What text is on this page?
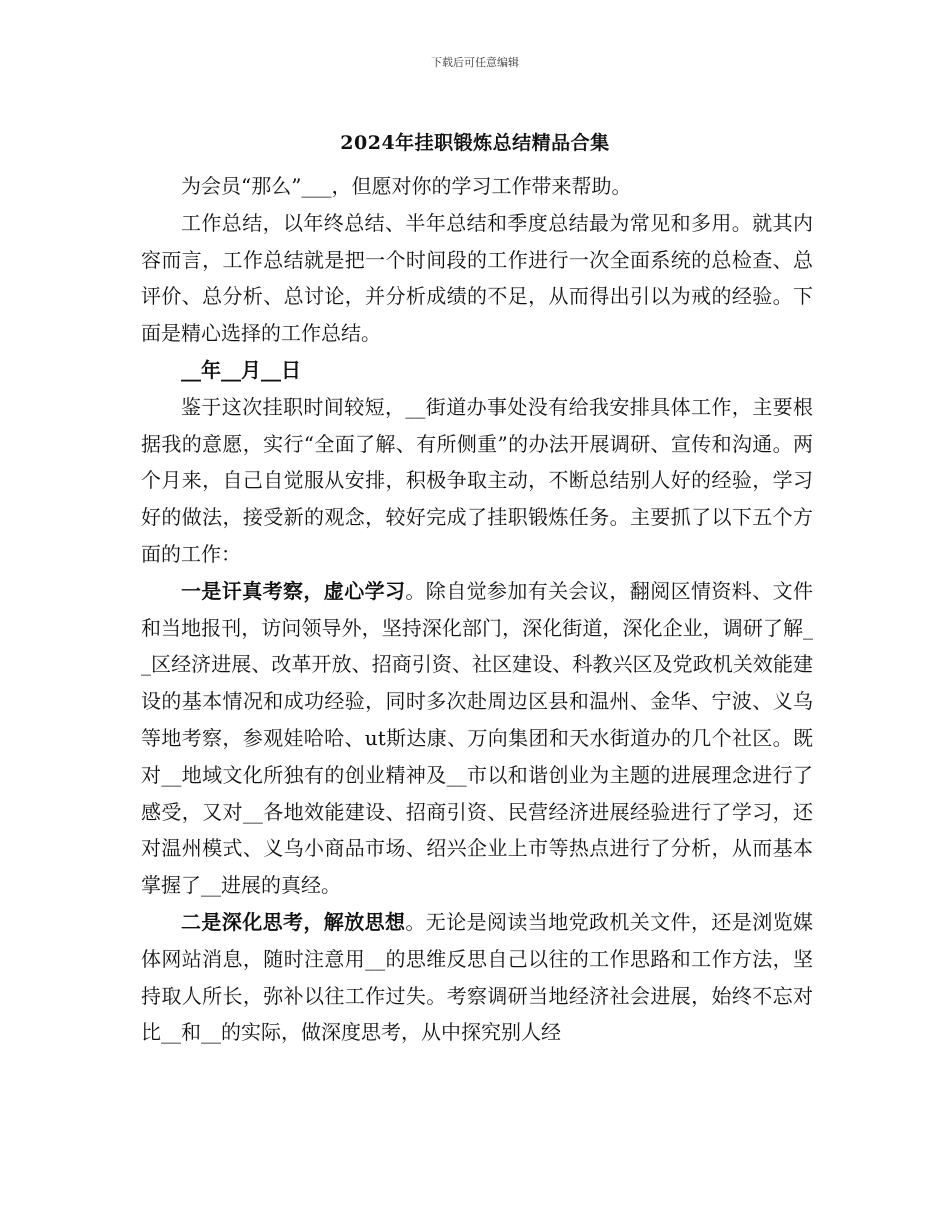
下载后可任意编辑
2024年挂职锻炼总结精品合集

为会员“那么”___，但愿对你的学习工作带来帮助。

工作总结，以年终总结、半年总结和季度总结最为常见和多用。就其内容而言，工作总结就是把一个时间段的工作进行一次全面系统的总检查、总评价、总分析、总讨论，并分析成绩的不足，从而得出引以为戒的经验。下面是精心选择的工作总结。

__年__月__日

鉴于这次挂职时间较短，__街道办事处没有给我安排具体工作，主要根据我的意愿，实行“全面了解、有所侧重”的办法开展调研、宣传和沟通。两个月来，自己自觉服从安排，积极争取主动，不断总结别人好的经验，学习好的做法，接受新的观念，较好完成了挂职锻炼任务。主要抓了以下五个方面的工作：

一是讦真考察，虚心学习。除自觉参加有关会议，翻阅区情资料、文件和当地报刊，访问领导外，坚持深化部门，深化街道，深化企业，调研了解__区经济进展、改革开放、招商引资、社区建设、科教兴区及党政机关效能建设的基本情况和成功经验，同时多次赴周边区县和温州、金华、宁波、义乌等地考察，参观娃哈哈、ut斯达康、万向集团和天水街道办的几个社区。既对__地域文化所独有的创业精神及__市以和谐创业为主题的进展理念进行了感受，又对__各地效能建设、招商引资、民营经济进展经验进行了学习，还对温州模式、义乌小商品市场、绍兴企业上市等热点进行了分析，从而基本掌握了__进展的真经。

二是深化思考，解放思想。无论是阅读当地党政机关文件，还是浏览媒体网站消息，随时注意用__的思维反思自己以往的工作思路和工作方法，坚持取人所长，弥补以往工作过失。考察调研当地经济社会进展，始终不忘对比__和__的实际，做深度思考，从中探究别人经
